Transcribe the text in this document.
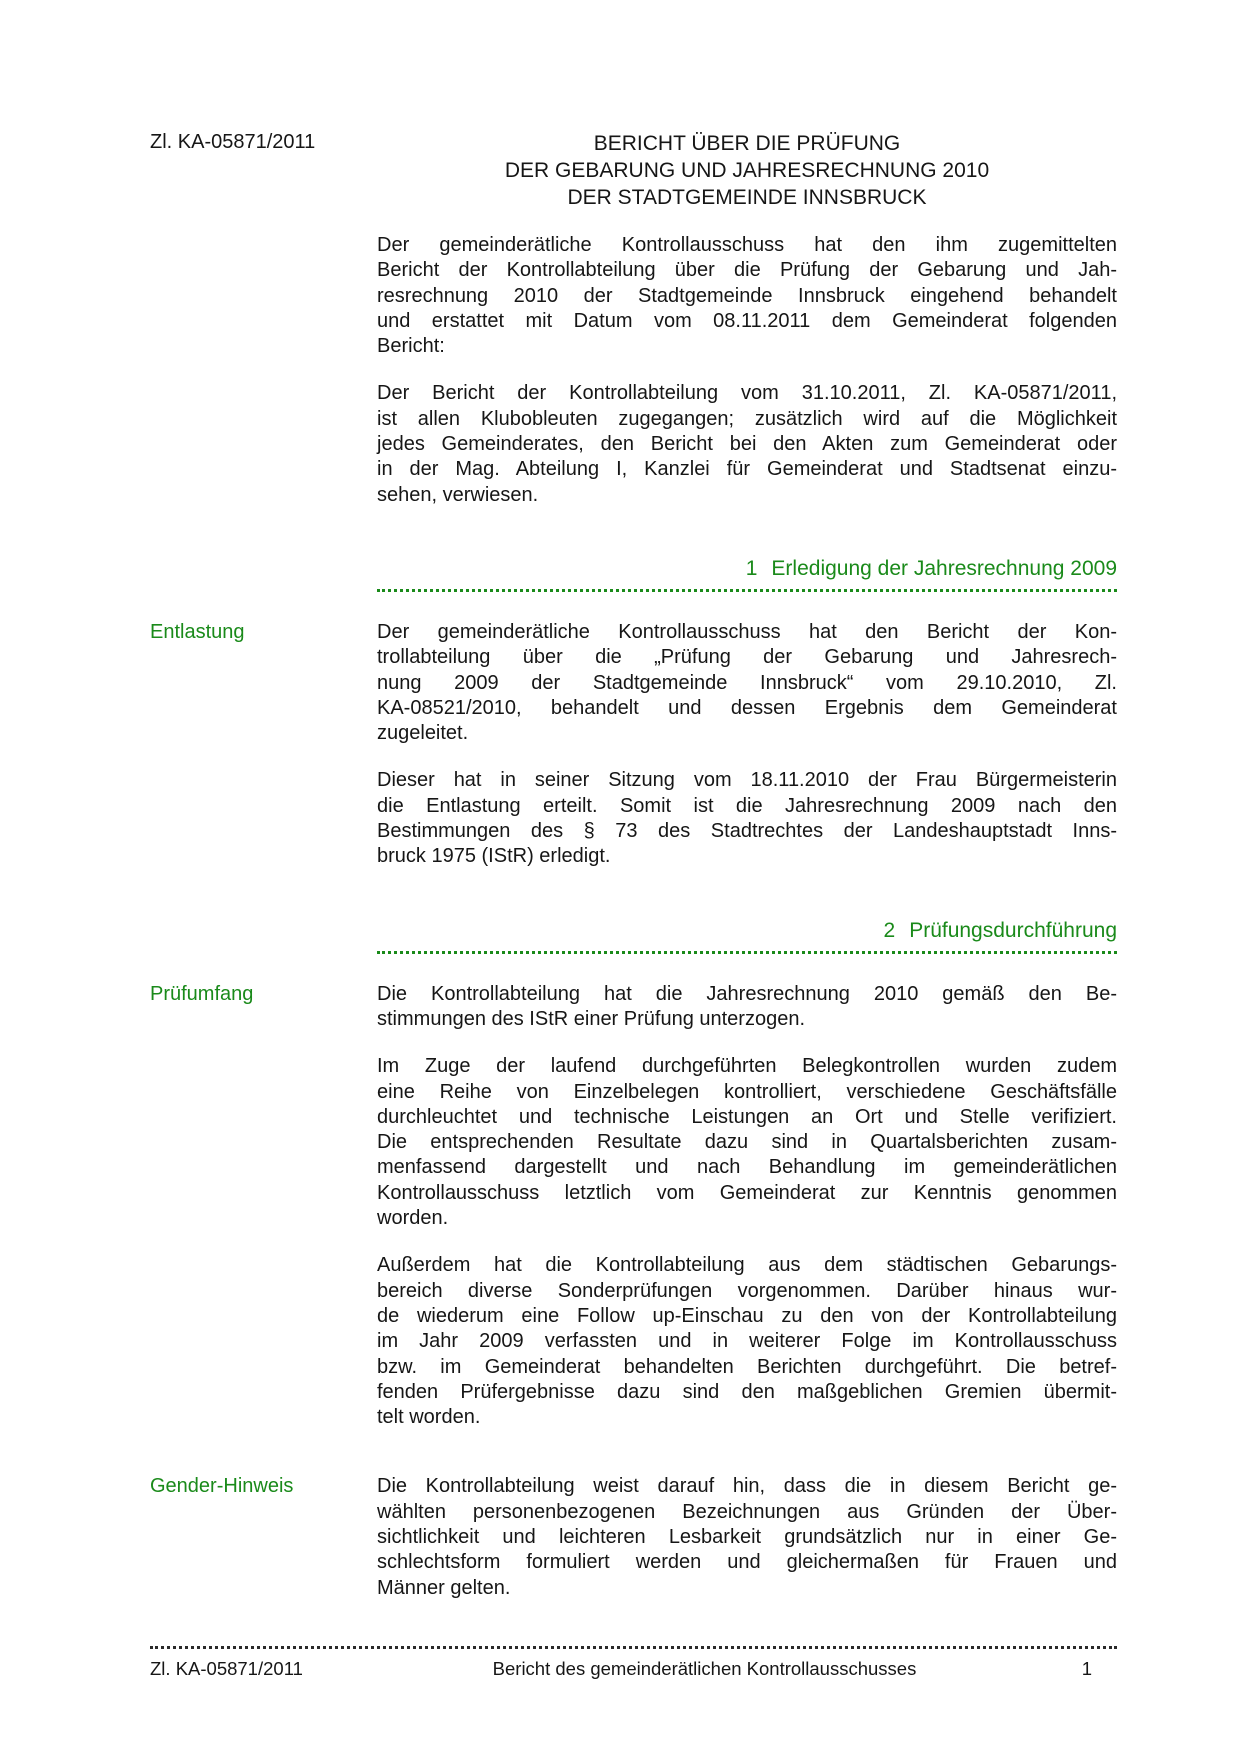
Zl. KA-05871/2011	BERICHT ÜBER DIE PRÜFUNG
DER GEBARUNG UND JAHRESRECHNUNG 2010
DER STADTGEMEINDE INNSBRUCK
Der gemeinderätliche Kontrollausschuss hat den ihm zugemittelten
Bericht der Kontrollabteilung über die Prüfung der Gebarung und Jah-
resrechnung 2010 der Stadtgemeinde Innsbruck eingehend behandelt
und erstattet mit Datum vom 08.11.2011 dem Gemeinderat folgenden
Bericht:
Der Bericht der Kontrollabteilung vom 31.10.2011, Zl. KA-05871/2011,
ist allen Klubobleuten zugegangen; zusätzlich wird auf die Möglichkeit
jedes Gemeinderates, den Bericht bei den Akten zum Gemeinderat oder
in der Mag. Abteilung I, Kanzlei für Gemeinderat und Stadtsenat einzu-
sehen, verwiesen.
1 Erledigung der Jahresrechnung 2009
Entlastung	Der gemeinderätliche Kontrollausschuss hat den Bericht der Kon-
trollabteilung über die „Prüfung der Gebarung und Jahresrech-
nung 2009 der Stadtgemeinde Innsbruck“ vom 29.10.2010, Zl.
KA-08521/2010, behandelt und dessen Ergebnis dem Gemeinderat
zugeleitet.
Dieser hat in seiner Sitzung vom 18.11.2010 der Frau Bürgermeisterin
die Entlastung erteilt. Somit ist die Jahresrechnung 2009 nach den
Bestimmungen des § 73 des Stadtrechtes der Landeshauptstadt Inns-
bruck 1975 (IStR) erledigt.
2 Prüfungsdurchführung
Prüfumfang	Die Kontrollabteilung hat die Jahresrechnung 2010 gemäß den Be-
stimmungen des IStR einer Prüfung unterzogen.
Im Zuge der laufend durchgeführten Belegkontrollen wurden zudem
eine Reihe von Einzelbelegen kontrolliert, verschiedene Geschäftsfälle
durchleuchtet und technische Leistungen an Ort und Stelle verifiziert.
Die entsprechenden Resultate dazu sind in Quartalsberichten zusam-
menfassend dargestellt und nach Behandlung im gemeinderätlichen
Kontrollausschuss letztlich vom Gemeinderat zur Kenntnis genommen
worden.
Außerdem hat die Kontrollabteilung aus dem städtischen Gebarungs-
bereich diverse Sonderprüfungen vorgenommen. Darüber hinaus wur-
de wiederum eine Follow up-Einschau zu den von der Kontrollabteilung
im Jahr 2009 verfassten und in weiterer Folge im Kontrollausschuss
bzw. im Gemeinderat behandelten Berichten durchgeführt. Die betref-
fenden Prüfergebnisse dazu sind den maßgeblichen Gremien übermit-
telt worden.
Gender-Hinweis	Die Kontrollabteilung weist darauf hin, dass die in diesem Bericht ge-
wählten personenbezogenen Bezeichnungen aus Gründen der Über-
sichtlichkeit und leichteren Lesbarkeit grundsätzlich nur in einer Ge-
schlechtsform formuliert werden und gleichermaßen für Frauen und
Männer gelten.
Zl. KA-05871/2011	Bericht des gemeinderätlichen Kontrollausschusses	1
